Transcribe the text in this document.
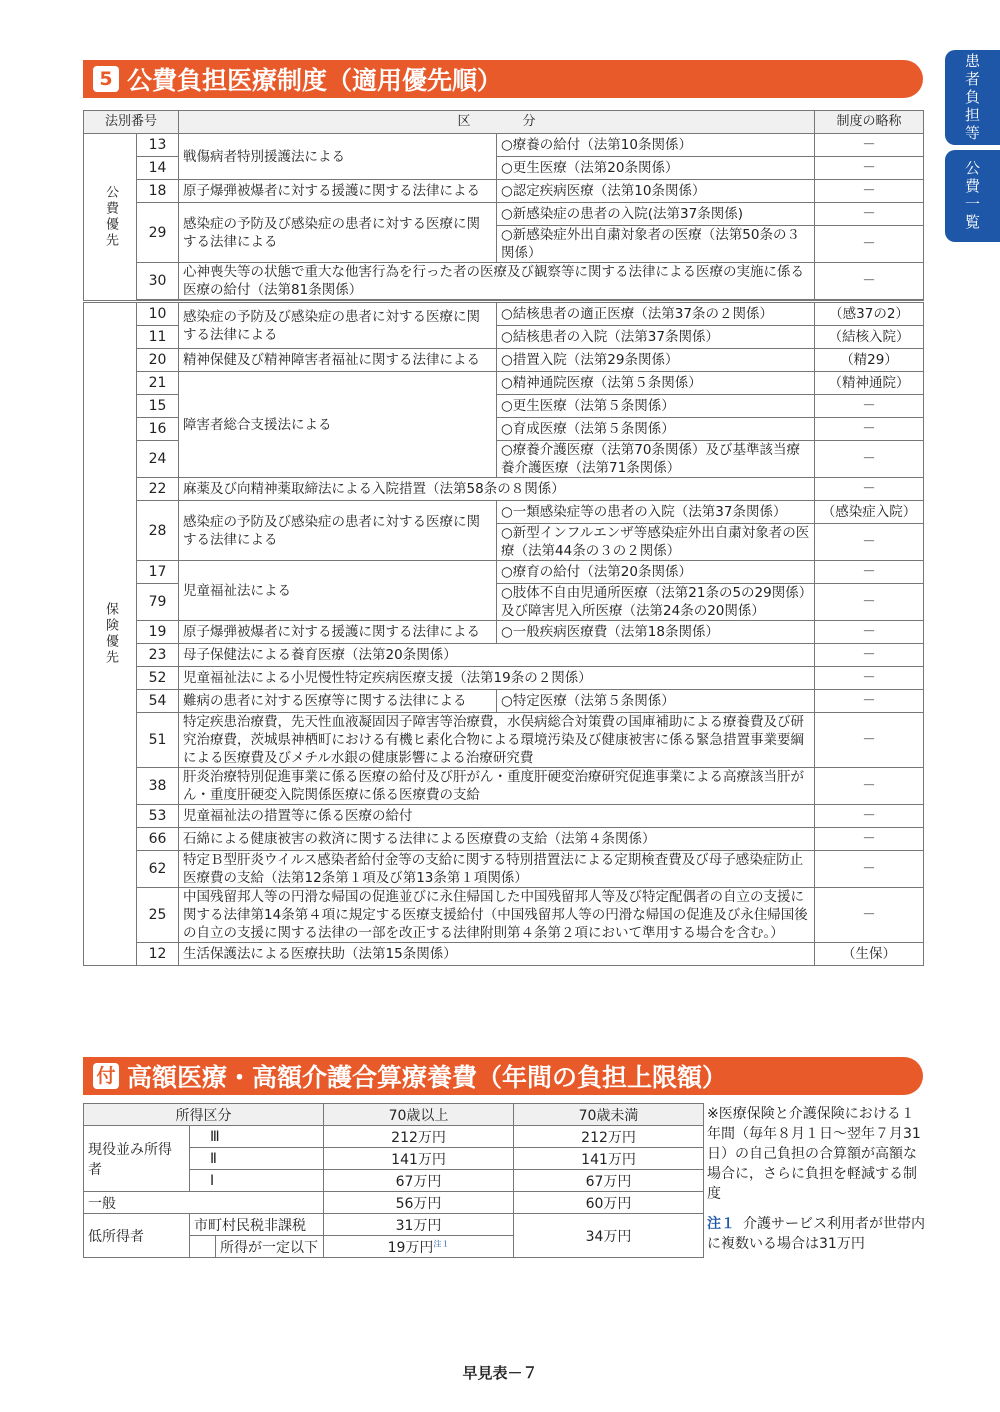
患者負担等
公費一覧
5 公費負担医療制度（適用優先順）
法別番号		区　　　　分		制度の略称
公費優先	13	戦傷病者特別援護法による	○療養の給付（法第10条関係）	－
	14		○更生医療（法第20条関係）	－
	18	原子爆弾被爆者に対する援護に関する法律による	○認定疾病医療（法第10条関係）	－
	29	感染症の予防及び感染症の患者に対する医療に関する法律による	○新感染症の患者の入院(法第37条関係)	－
			○新感染症外出自粛対象者の医療（法第50条の３関係）	－
	30	心神喪失等の状態で重大な他害行為を行った者の医療及び観察等に関する法律による医療の実施に係る医療の給付（法第81条関係）		－

保険優先	10	感染症の予防及び感染症の患者に対する医療に関する法律による	○結核患者の適正医療（法第37条の２関係）	（感37の2）
	11		○結核患者の入院（法第37条関係）	（結核入院）
	20	精神保健及び精神障害者福祉に関する法律による	○措置入院（法第29条関係）	（精29）
	21	障害者総合支援法による	○精神通院医療（法第５条関係）	（精神通院）
	15		○更生医療（法第５条関係）	－
	16		○育成医療（法第５条関係）	－
	24		○療養介護医療（法第70条関係）及び基準該当療養介護医療（法第71条関係）	－
	22	麻薬及び向精神薬取締法による入院措置（法第58条の８関係）		－
	28	感染症の予防及び感染症の患者に対する医療に関する法律による	○一類感染症等の患者の入院（法第37条関係）	（感染症入院）
			○新型インフルエンザ等感染症外出自粛対象者の医療（法第44条の３の２関係）	－
	17	児童福祉法による	○療育の給付（法第20条関係）	－
	79		○肢体不自由児通所医療（法第21条の5の29関係）及び障害児入所医療（法第24条の20関係）	－
	19	原子爆弾被爆者に対する援護に関する法律による	○一般疾病医療費（法第18条関係）	－
	23	母子保健法による養育医療（法第20条関係）		－
	52	児童福祉法による小児慢性特定疾病医療支援（法第19条の２関係）		－
	54	難病の患者に対する医療等に関する法律による	○特定医療（法第５条関係）	－
	51	特定疾患治療費，先天性血液凝固因子障害等治療費，水俣病総合対策費の国庫補助による療養費及び研究治療費，茨城県神栖町における有機ヒ素化合物による環境汚染及び健康被害に係る緊急措置事業要綱による医療費及びメチル水銀の健康影響による治療研究費		－
	38	肝炎治療特別促進事業に係る医療の給付及び肝がん・重度肝硬変治療研究促進事業による高療該当肝がん・重度肝硬変入院関係医療に係る医療費の支給		－
	53	児童福祉法の措置等に係る医療の給付		－
	66	石綿による健康被害の救済に関する法律による医療費の支給（法第４条関係）		－
	62	特定Ｂ型肝炎ウイルス感染者給付金等の支給に関する特別措置法による定期検査費及び母子感染症防止医療費の支給（法第12条第１項及び第13条第１項関係）		－
	25	中国残留邦人等の円滑な帰国の促進並びに永住帰国した中国残留邦人等及び特定配偶者の自立の支援に関する法律第14条第４項に規定する医療支援給付（中国残留邦人等の円滑な帰国の促進及び永住帰国後の自立の支援に関する法律の一部を改正する法律附則第４条第２項において準用する場合を含む。）		－
	12	生活保護法による医療扶助（法第15条関係）		（生保）
付 高額医療・高額介護合算療養費（年間の負担上限額）
所得区分			70歳以上	70歳未満
現役並み所得者	Ⅲ		212万円	212万円
	Ⅱ		141万円	141万円
	Ⅰ		67万円	67万円
一般			56万円	60万円
低所得者	市町村民税非課税		31万円	34万円
		所得が一定以下	19万円$^{注1}$
※医療保険と介護保険における１年間（毎年８月１日～翌年７月31日）の自己負担の合算額が高額な場合に，さらに負担を軽減する制度
注１ 介護サービス利用者が世帯内に複数いる場合は31万円
早見表－７
